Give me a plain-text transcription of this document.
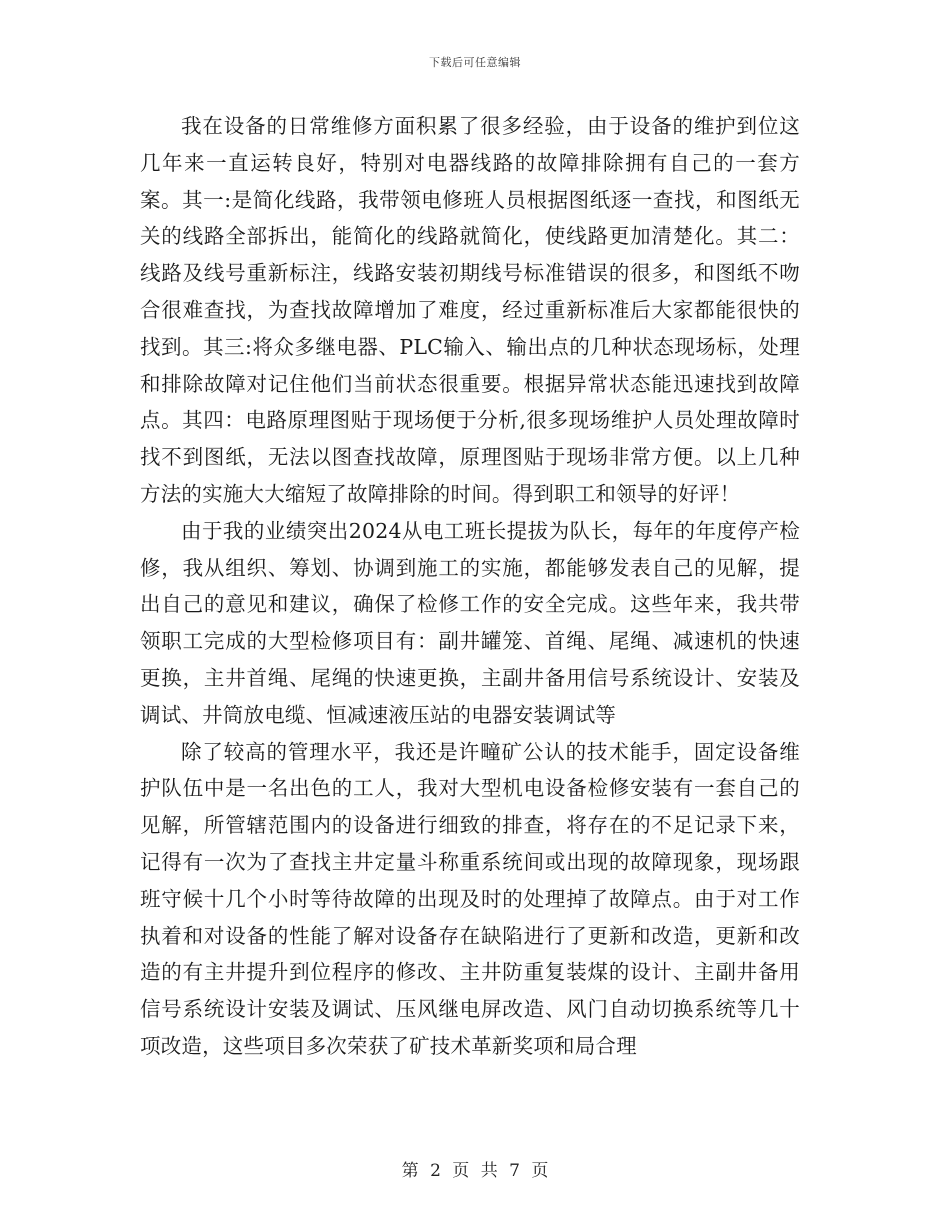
下载后可任意编辑

我在设备的日常维修方面积累了很多经验，由于设备的维护到位这几年来一直运转良好，特别对电器线路的故障排除拥有自己的一套方案。其一:是简化线路，我带领电修班人员根据图纸逐一查找，和图纸无关的线路全部拆出，能简化的线路就简化，使线路更加清楚化。其二：线路及线号重新标注，线路安装初期线号标准错误的很多，和图纸不吻合很难查找，为查找故障增加了难度，经过重新标准后大家都能很快的找到。其三:将众多继电器、PLC输入、输出点的几种状态现场标，处理和排除故障对记住他们当前状态很重要。根据异常状态能迅速找到故障点。其四：电路原理图贴于现场便于分析,很多现场维护人员处理故障时找不到图纸，无法以图查找故障，原理图贴于现场非常方便。以上几种方法的实施大大缩短了故障排除的时间。得到职工和领导的好评！

由于我的业绩突出2024从电工班长提拔为队长，每年的年度停产检修，我从组织、筹划、协调到施工的实施，都能够发表自己的见解，提出自己的意见和建议，确保了检修工作的安全完成。这些年来，我共带领职工完成的大型检修项目有：副井罐笼、首绳、尾绳、减速机的快速更换，主井首绳、尾绳的快速更换，主副井备用信号系统设计、安装及调试、井筒放电缆、恒减速液压站的电器安装调试等

除了较高的管理水平，我还是许疃矿公认的技术能手，固定设备维护队伍中是一名出色的工人，我对大型机电设备检修安装有一套自己的见解，所管辖范围内的设备进行细致的排查，将存在的不足记录下来，记得有一次为了查找主井定量斗称重系统间或出现的故障现象，现场跟班守候十几个小时等待故障的出现及时的处理掉了故障点。由于对工作执着和对设备的性能了解对设备存在缺陷进行了更新和改造，更新和改造的有主井提升到位程序的修改、主井防重复装煤的设计、主副井备用信号系统设计安装及调试、压风继电屏改造、风门自动切换系统等几十项改造，这些项目多次荣获了矿技术革新奖项和局合理

第 2 页 共 7 页
